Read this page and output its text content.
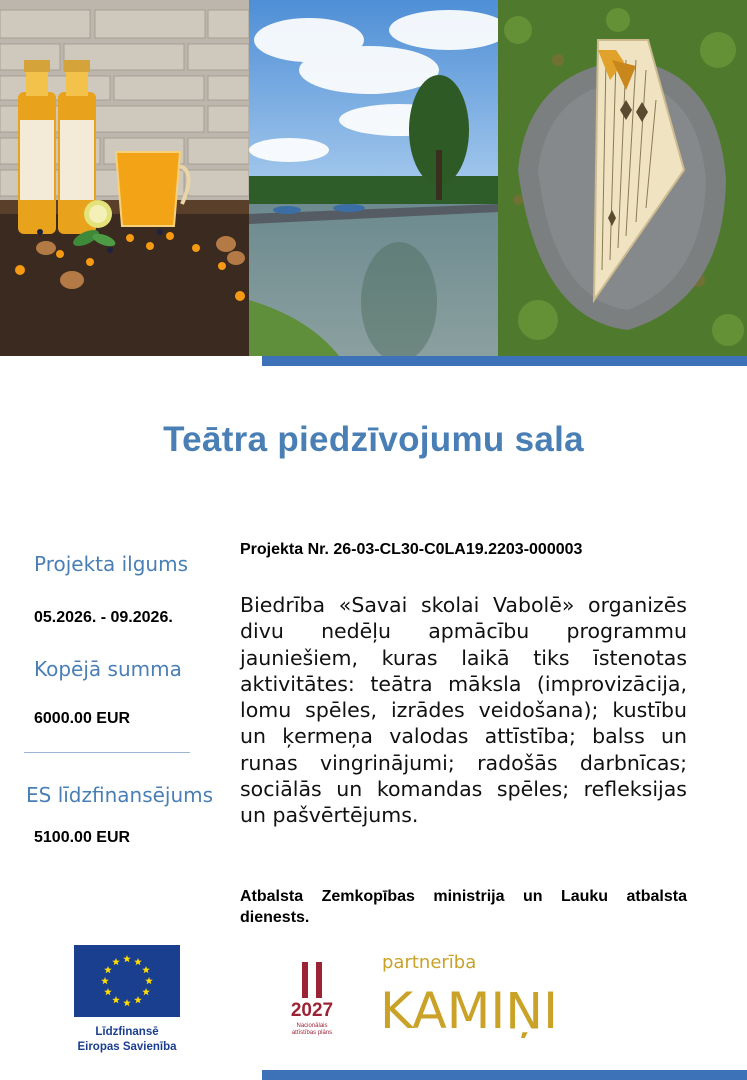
Teātra piedzīvojumu sala
Projekta ilgums
05.2026. - 09.2026.
Kopējā summa
6000.00 EUR
ES līdzfinansējums
5100.00 EUR
Projekta Nr. 26-03-CL30-C0LA19.2203-000003
Biedrība «Savai skolai Vabolē» organizēs divu nedēļu apmācību programmu jauniešiem, kuras laikā tiks īstenotas aktivitātes: teātra māksla (improvizācija, lomu spēles, izrādes veidošana); kustību un ķermeņa valodas attīstība; balss un runas vingrinājumi; radošās darbnīcas; sociālās un komandas spēles; refleksijas un pašvērtējums.
Atbalsta Zemkopības ministrija un Lauku atbalsta dienests.
Līdzfinansē
Eiropas Savienība
2027
Nacionālais
attīstības plāns
partnerība
KAMIŅI
